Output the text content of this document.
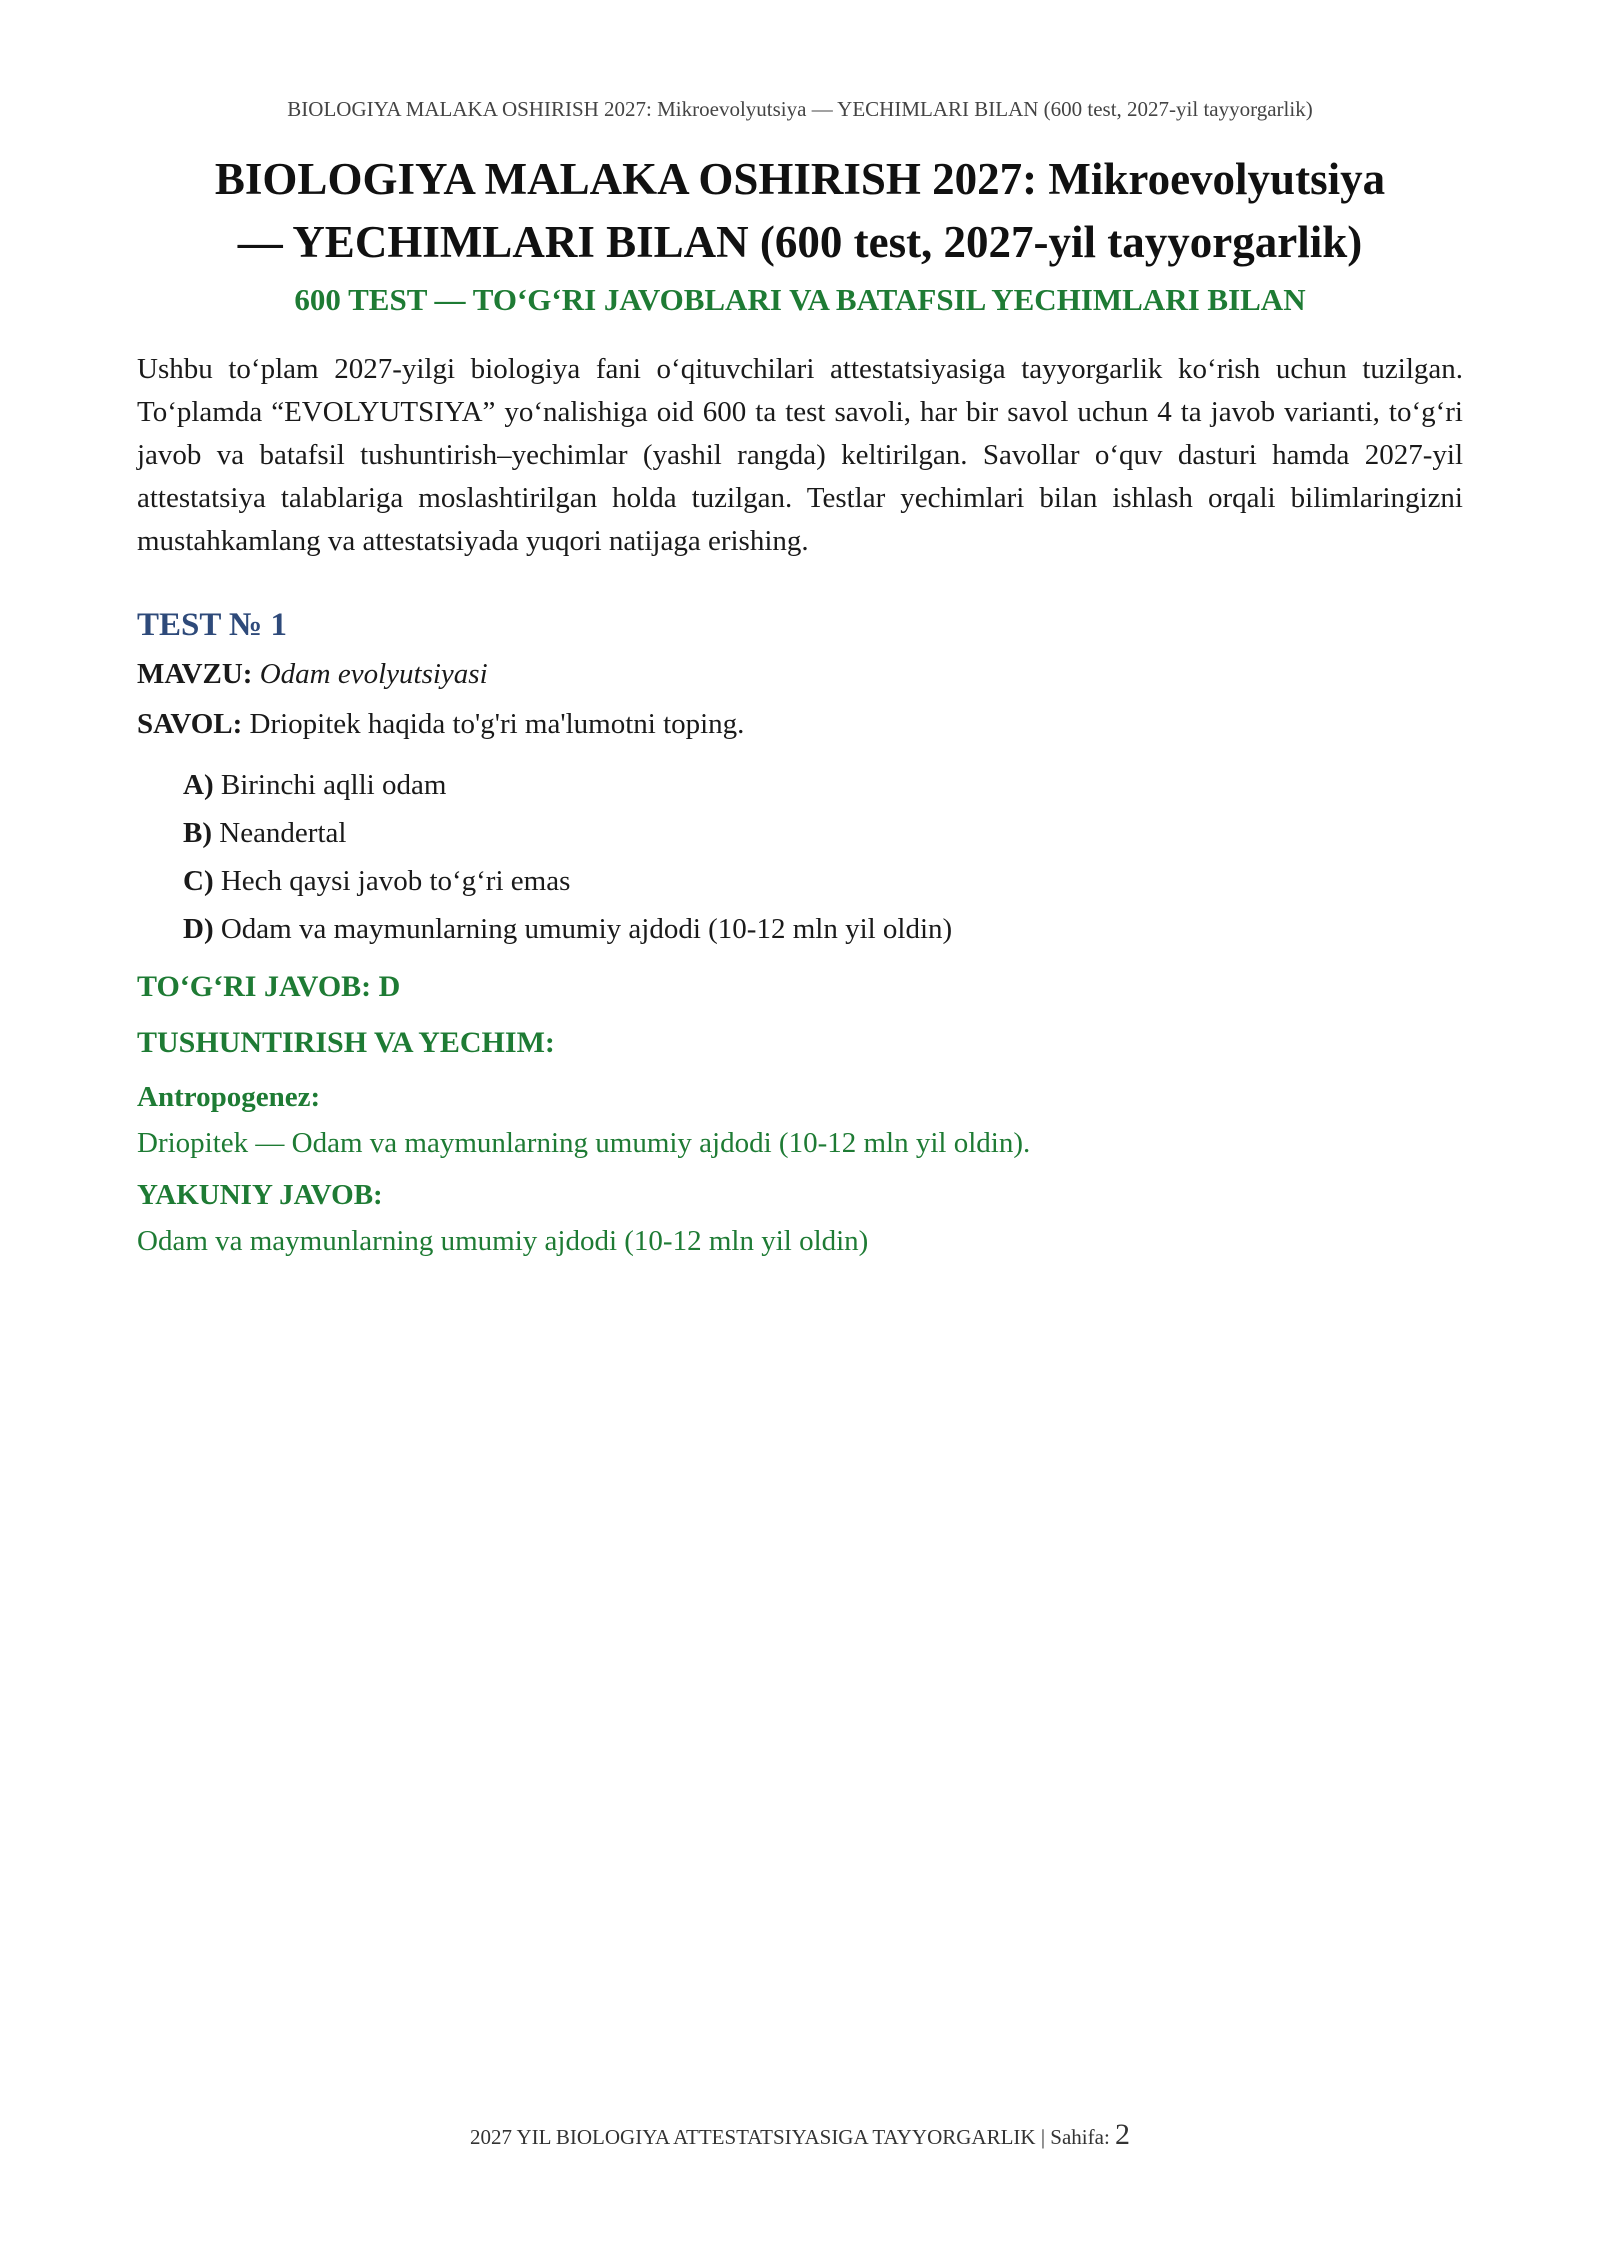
BIOLOGIYA MALAKA OSHIRISH 2027: Mikroevolyutsiya — YECHIMLARI BILAN (600 test, 2027-yil tayyorgarlik)
BIOLOGIYA MALAKA OSHIRISH 2027: Mikroevolyutsiya
— YECHIMLARI BILAN (600 test, 2027-yil tayyorgarlik)
600 TEST — TO‘G‘RI JAVOBLARI VA BATAFSIL YECHIMLARI BILAN

Ushbu to‘plam 2027-yilgi biologiya fani o‘qituvchilari attestatsiyasiga tayyorgarlik ko‘rish uchun tuzilgan. To‘plamda “EVOLYUTSIYA” yo‘nalishiga oid 600 ta test savoli, har bir savol uchun 4 ta javob varianti, to‘g‘ri javob va batafsil tushuntirish–yechimlar (yashil rangda) keltirilgan. Savollar o‘quv dasturi hamda 2027-yil attestatsiya talablariga moslashtirilgan holda tuzilgan. Testlar yechimlari bilan ishlash orqali bilimlaringizni mustahkamlang va attestatsiyada yuqori natijaga erishing.

TEST № 1
MAVZU: Odam evolyutsiyasi
SAVOL: Driopitek haqida to'g'ri ma'lumotni toping.
A) Birinchi aqlli odam
B) Neandertal
C) Hech qaysi javob to‘g‘ri emas
D) Odam va maymunlarning umumiy ajdodi (10-12 mln yil oldin)
TO‘G‘RI JAVOB: D
TUSHUNTIRISH VA YECHIM:
Antropogenez:

Driopitek — Odam va maymunlarning umumiy ajdodi (10-12 mln yil oldin).

YAKUNIY JAVOB:

Odam va maymunlarning umumiy ajdodi (10-12 mln yil oldin)

2027 YIL BIOLOGIYA ATTESTATSIYASIGA TAYYORGARLIK | Sahifa: 2
